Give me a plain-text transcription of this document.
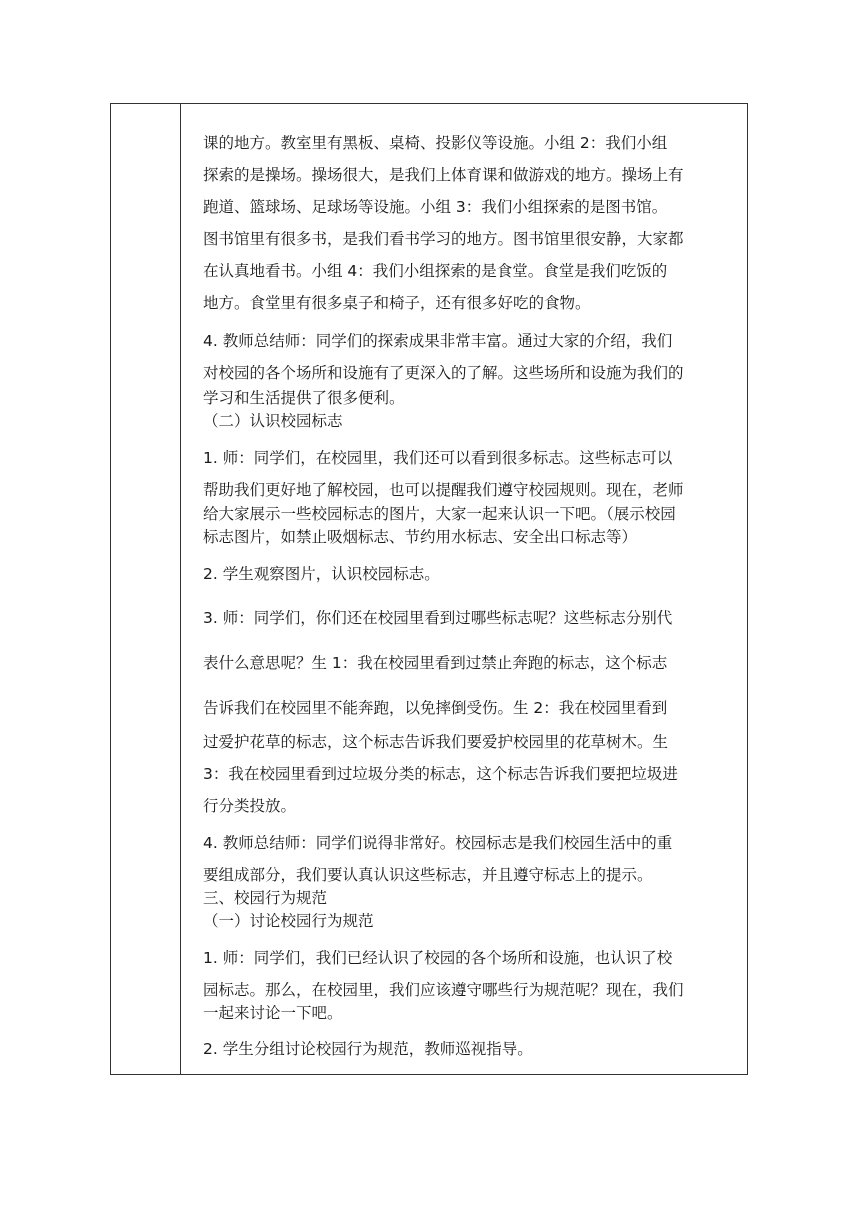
课的地方。教室里有黑板、桌椅、投影仪等设施。小组 2：我们小组
探索的是操场。操场很大，是我们上体育课和做游戏的地方。操场上有
跑道、篮球场、足球场等设施。小组 3：我们小组探索的是图书馆。
图书馆里有很多书，是我们看书学习的地方。图书馆里很安静，大家都
在认真地看书。小组 4：我们小组探索的是食堂。食堂是我们吃饭的
地方。食堂里有很多桌子和椅子，还有很多好吃的食物。
4. 教师总结师：同学们的探索成果非常丰富。通过大家的介绍，我们
对校园的各个场所和设施有了更深入的了解。这些场所和设施为我们的
学习和生活提供了很多便利。
（二）认识校园标志
1. 师：同学们，在校园里，我们还可以看到很多标志。这些标志可以
帮助我们更好地了解校园，也可以提醒我们遵守校园规则。现在，老师
给大家展示一些校园标志的图片，大家一起来认识一下吧。（展示校园
标志图片，如禁止吸烟标志、节约用水标志、安全出口标志等）
2. 学生观察图片，认识校园标志。
3. 师：同学们，你们还在校园里看到过哪些标志呢？这些标志分别代
表什么意思呢？生 1：我在校园里看到过禁止奔跑的标志，这个标志
告诉我们在校园里不能奔跑，以免摔倒受伤。生 2：我在校园里看到
过爱护花草的标志，这个标志告诉我们要爱护校园里的花草树木。生
3：我在校园里看到过垃圾分类的标志，这个标志告诉我们要把垃圾进
行分类投放。
4. 教师总结师：同学们说得非常好。校园标志是我们校园生活中的重
要组成部分，我们要认真认识这些标志，并且遵守标志上的提示。
三、校园行为规范
（一）讨论校园行为规范
1. 师：同学们，我们已经认识了校园的各个场所和设施，也认识了校
园标志。那么，在校园里，我们应该遵守哪些行为规范呢？现在，我们
一起来讨论一下吧。
2. 学生分组讨论校园行为规范，教师巡视指导。
